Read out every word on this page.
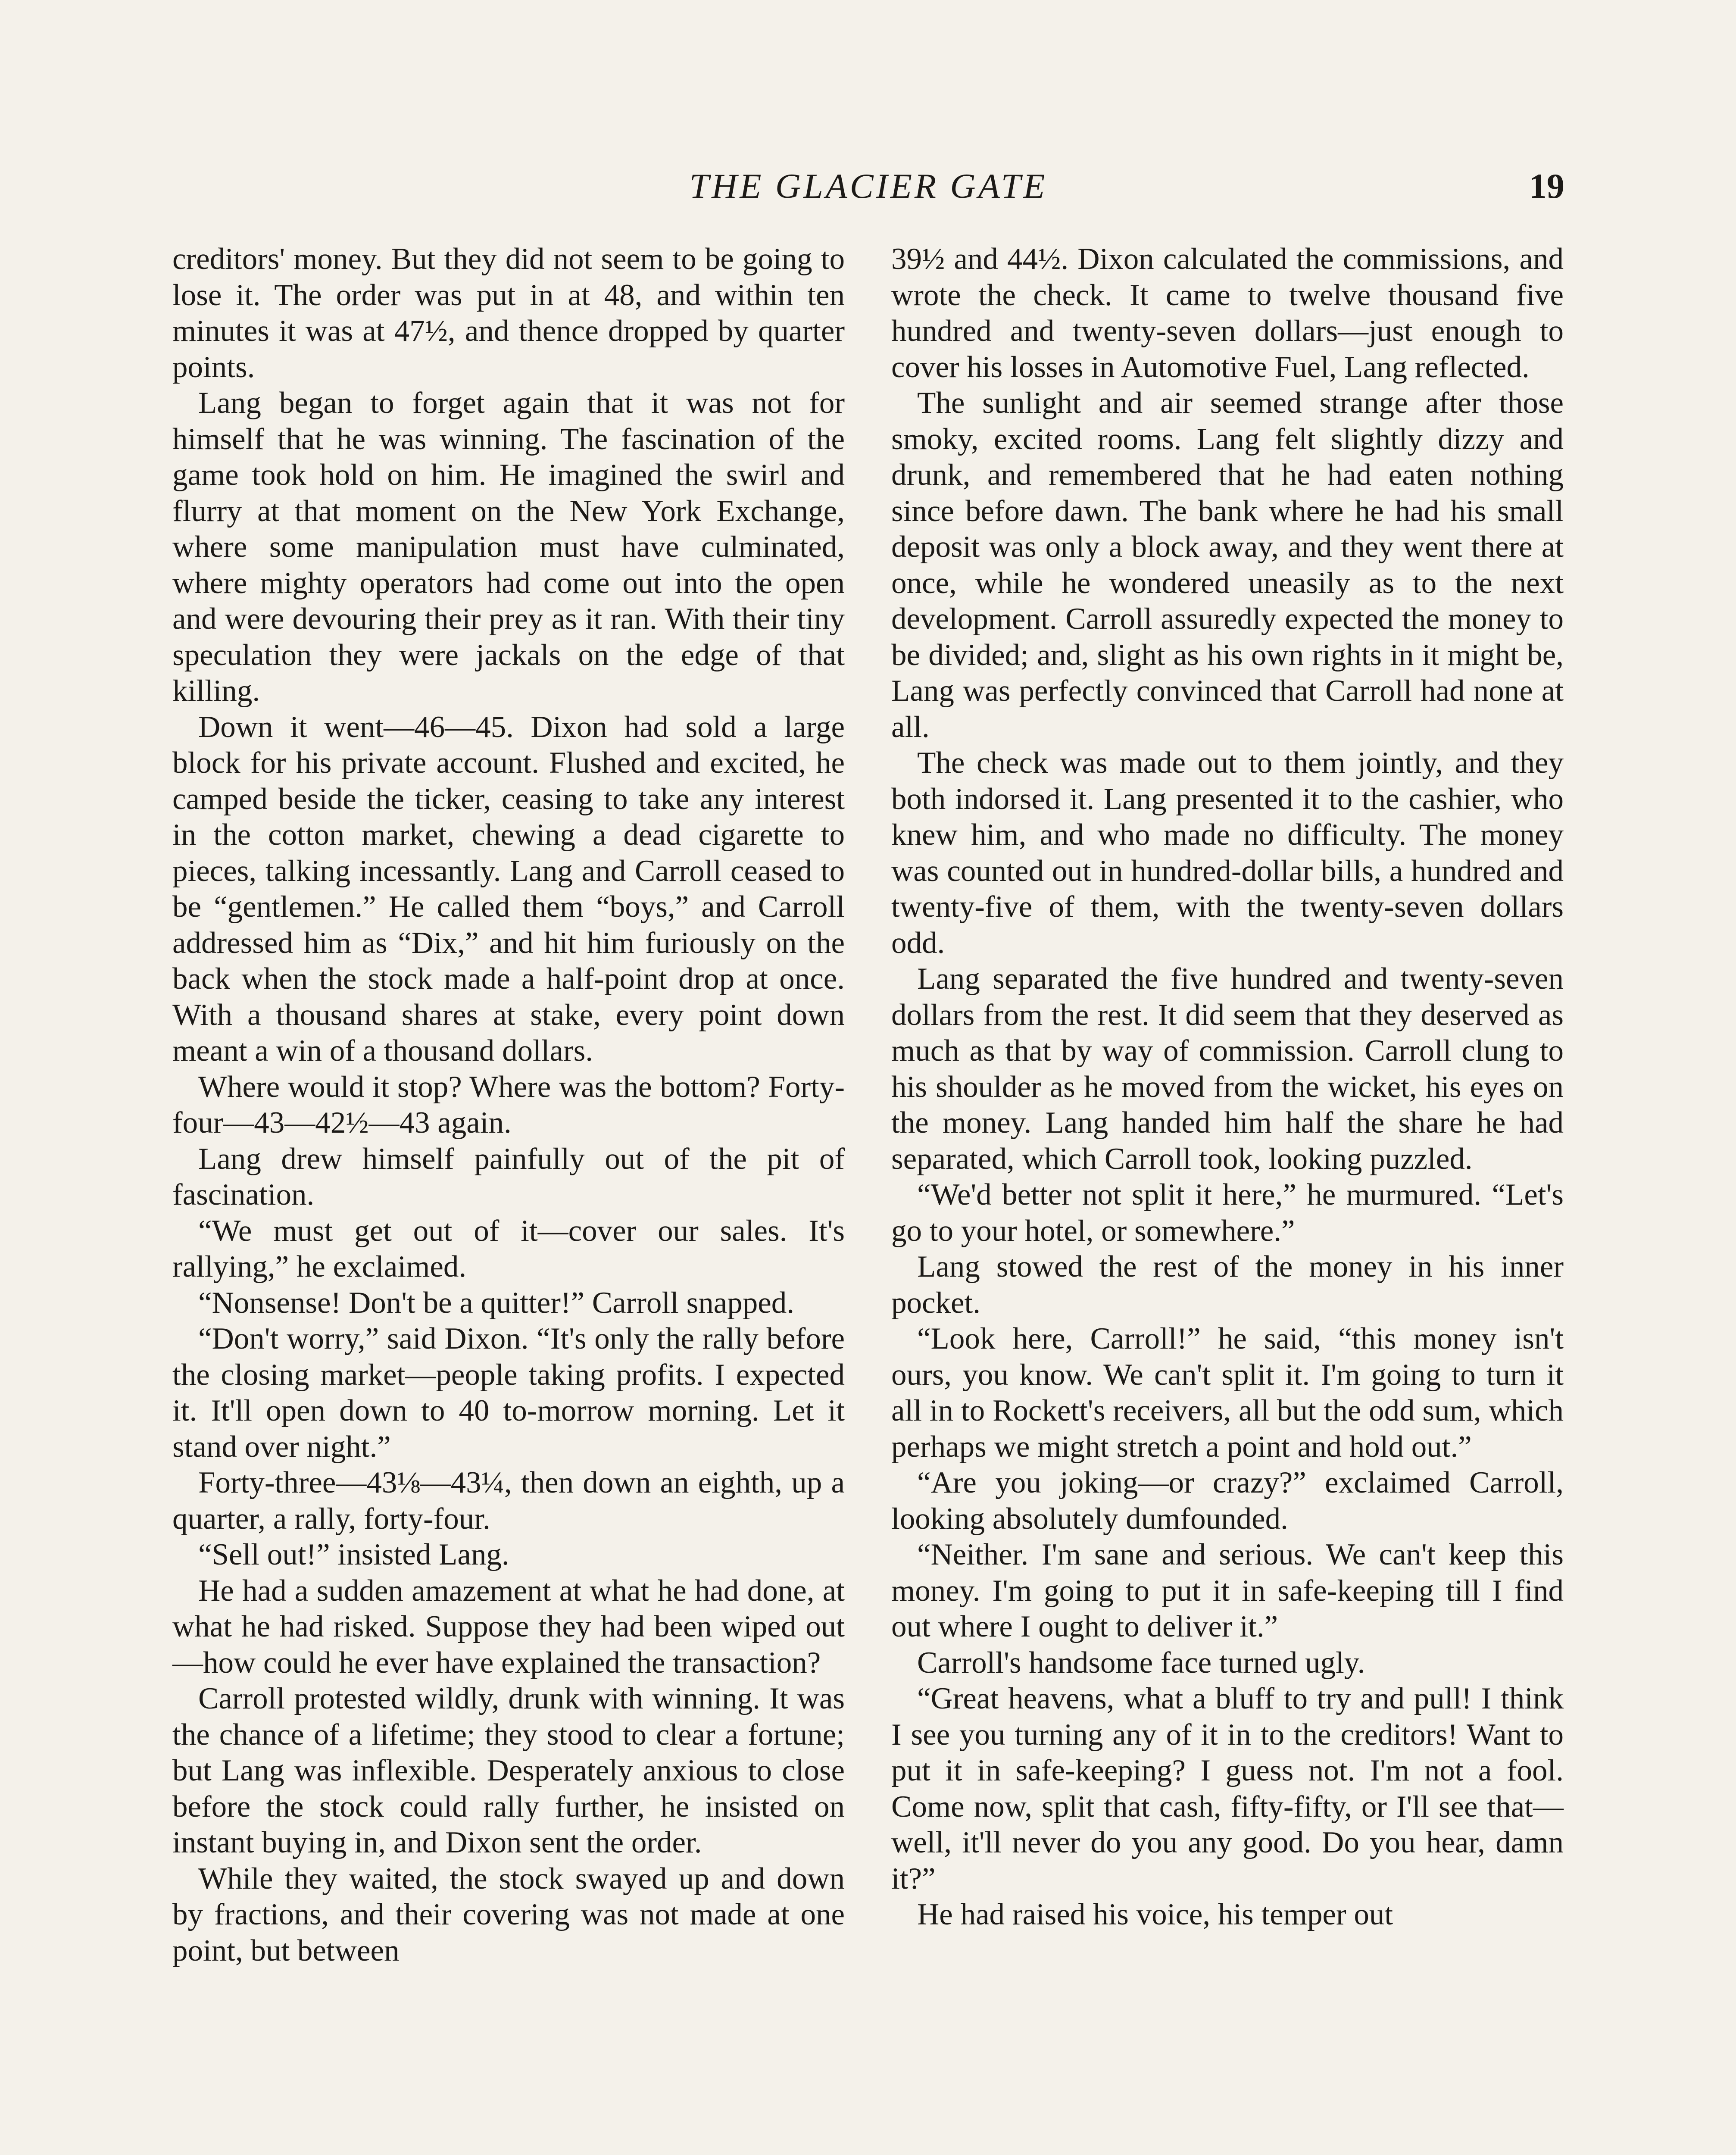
THE GLACIER GATE	19

creditors' money. But they did not seem to be going to lose it. The order was put in at 48, and within ten minutes it was at 47½, and thence dropped by quarter points.

Lang began to forget again that it was not for himself that he was winning. The fascination of the game took hold on him. He imagined the swirl and flurry at that moment on the New York Exchange, where some manipulation must have culminated, where mighty operators had come out into the open and were devouring their prey as it ran. With their tiny speculation they were jackals on the edge of that killing.

Down it went—46—45. Dixon had sold a large block for his private account. Flushed and excited, he camped beside the ticker, ceasing to take any interest in the cotton market, chewing a dead cigarette to pieces, talking incessantly. Lang and Carroll ceased to be “gentlemen.” He called them “boys,” and Carroll addressed him as “Dix,” and hit him furiously on the back when the stock made a half-point drop at once. With a thousand shares at stake, every point down meant a win of a thousand dollars.

Where would it stop? Where was the bottom? Forty-four—43—42½—43 again.

Lang drew himself painfully out of the pit of fascination.

“We must get out of it—cover our sales. It's rallying,” he exclaimed.

“Nonsense! Don't be a quitter!” Carroll snapped.

“Don't worry,” said Dixon. “It's only the rally before the closing market—people taking profits. I expected it. It'll open down to 40 to-morrow morning. Let it stand over night.”

Forty-three—43⅛—43¼, then down an eighth, up a quarter, a rally, forty-four.

“Sell out!” insisted Lang.

He had a sudden amazement at what he had done, at what he had risked. Suppose they had been wiped out—how could he ever have explained the transaction?

Carroll protested wildly, drunk with winning. It was the chance of a lifetime; they stood to clear a fortune; but Lang was inflexible. Desperately anxious to close before the stock could rally further, he insisted on instant buying in, and Dixon sent the order.

While they waited, the stock swayed up and down by fractions, and their covering was not made at one point, but between

39½ and 44½. Dixon calculated the commissions, and wrote the check. It came to twelve thousand five hundred and twenty-seven dollars—just enough to cover his losses in Automotive Fuel, Lang reflected.

The sunlight and air seemed strange after those smoky, excited rooms. Lang felt slightly dizzy and drunk, and remembered that he had eaten nothing since before dawn. The bank where he had his small deposit was only a block away, and they went there at once, while he wondered uneasily as to the next development. Carroll assuredly expected the money to be divided; and, slight as his own rights in it might be, Lang was perfectly convinced that Carroll had none at all.

The check was made out to them jointly, and they both indorsed it. Lang presented it to the cashier, who knew him, and who made no difficulty. The money was counted out in hundred-dollar bills, a hundred and twenty-five of them, with the twenty-seven dollars odd.

Lang separated the five hundred and twenty-seven dollars from the rest. It did seem that they deserved as much as that by way of commission. Carroll clung to his shoulder as he moved from the wicket, his eyes on the money. Lang handed him half the share he had separated, which Carroll took, looking puzzled.

“We'd better not split it here,” he murmured. “Let's go to your hotel, or somewhere.”

Lang stowed the rest of the money in his inner pocket.

“Look here, Carroll!” he said, “this money isn't ours, you know. We can't split it. I'm going to turn it all in to Rockett's receivers, all but the odd sum, which perhaps we might stretch a point and hold out.”

“Are you joking—or crazy?” exclaimed Carroll, looking absolutely dumfounded.

“Neither. I'm sane and serious. We can't keep this money. I'm going to put it in safe-keeping till I find out where I ought to deliver it.”

Carroll's handsome face turned ugly.

“Great heavens, what a bluff to try and pull! I think I see you turning any of it in to the creditors! Want to put it in safe-keeping? I guess not. I'm not a fool. Come now, split that cash, fifty-fifty, or I'll see that—well, it'll never do you any good. Do you hear, damn it?”

He had raised his voice, his temper out
